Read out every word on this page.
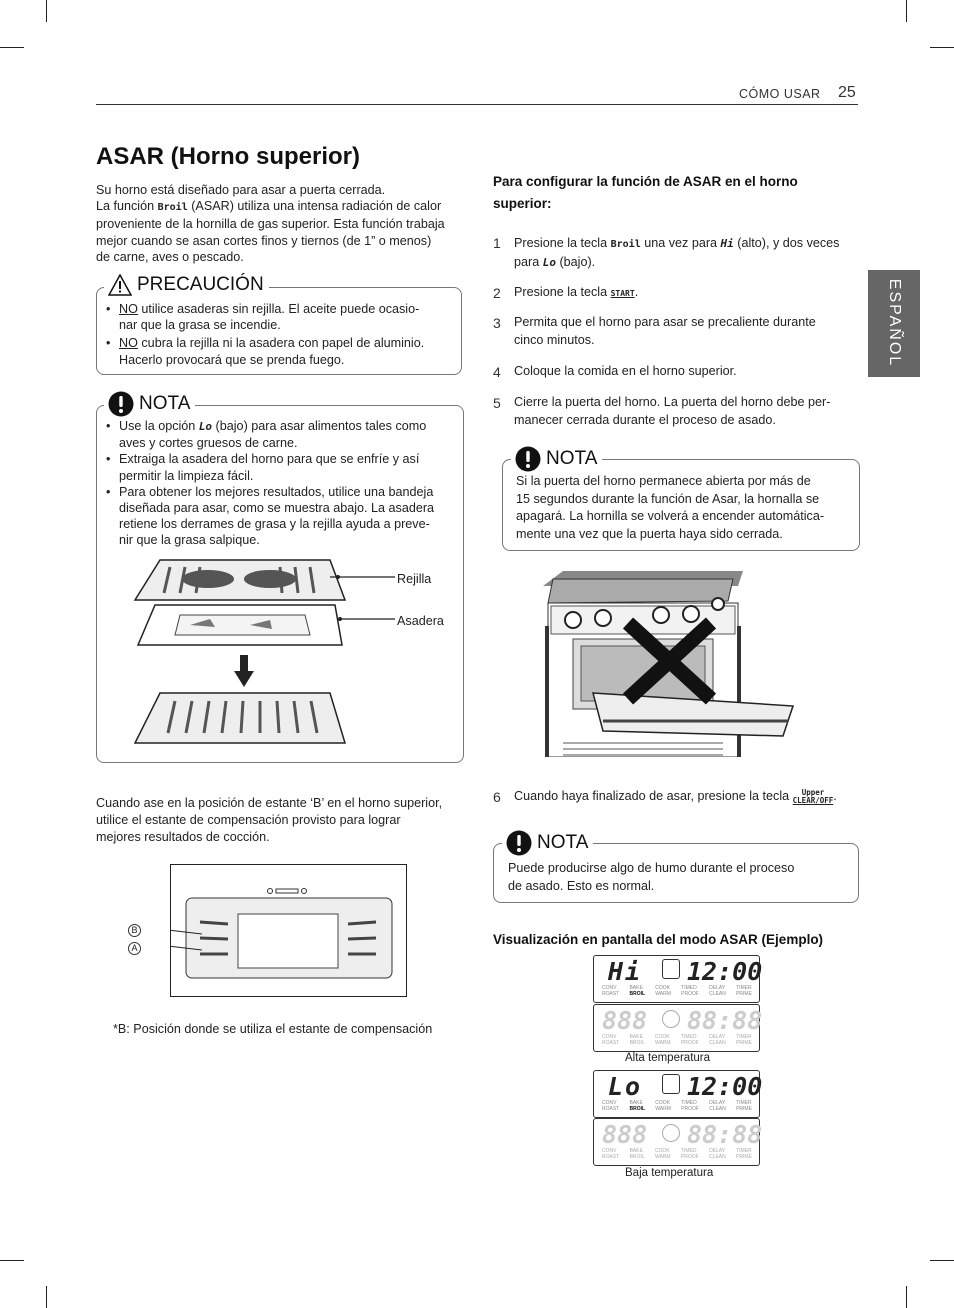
CÓMO USAR 25
ESPAÑOL
ASAR (Horno superior)
Su horno está diseñado para asar a puerta cerrada.
La función Broil (ASAR) utiliza una intensa radiación de calor
proveniente de la hornilla de gas superior. Esta función trabaja
mejor cuando se asan cortes finos y tiernos (de 1” o menos)
de carne, aves o pescado.
PRECAUCIÓN
• NO utilice asaderas sin rejilla. El aceite puede ocasio-
nar que la grasa se incendie.
• NO cubra la rejilla ni la asadera con papel de aluminio.
Hacerlo provocará que se prenda fuego.
NOTA
• Use la opción Lo (bajo) para asar alimentos tales como
aves y cortes gruesos de carne.
• Extraiga la asadera del horno para que se enfríe y así
permitir la limpieza fácil.
• Para obtener los mejores resultados, utilice una bandeja
diseñada para asar, como se muestra abajo. La asadera
retiene los derrames de grasa y la rejilla ayuda a preve-
nir que la grasa salpique.
Rejilla
Asadera
Cuando ase en la posición de estante ‘B’ en el horno superior,
utilice el estante de compensación provisto para lograr
mejores resultados de cocción.
B
A
*B: Posición donde se utiliza el estante de compensación
Para configurar la función de ASAR en el horno
superior:
1 Presione la tecla Broil una vez para Hi (alto), y dos veces
para Lo (bajo).
2 Presione la tecla START.
3 Permita que el horno para asar se precaliente durante
cinco minutos.
4 Coloque la comida en el horno superior.
5 Cierre la puerta del horno. La puerta del horno debe per-
manecer cerrada durante el proceso de asado.
NOTA
Si la puerta del horno permanece abierta por más de
15 segundos durante la función de Asar, la hornalla se
apagará. La hornilla se volverá a encender automática-
mente una vez que la puerta haya sido cerrada.
6 Cuando haya finalizado de asar, presione la tecla	Upper
CLEAR/OFF .
NOTA
Puede producirse algo de humo durante el proceso
de asado. Esto es normal.
Visualización en pantalla del modo ASAR (Ejemplo)
Hi 12:00
CONV
ROAST
BAKE
BROIL
COOK
WARM
TIMED
PROOF
DELAY
CLEAN
TIMER
PRIME
888 88:88
CONV
ROAST
BAKE
BROIL
COOK
WARM
TIMED
PROOF
DELAY
CLEAN
TIMER
PRIME
Alta temperatura
Lo 12:00
CONV
ROAST
BAKE
BROIL
COOK
WARM
TIMED
PROOF
DELAY
CLEAN
TIMER
PRIME
888 88:88
CONV
ROAST
BAKE
BROIL
COOK
WARM
TIMED
PROOF
DELAY
CLEAN
TIMER
PRIME
Baja temperatura
